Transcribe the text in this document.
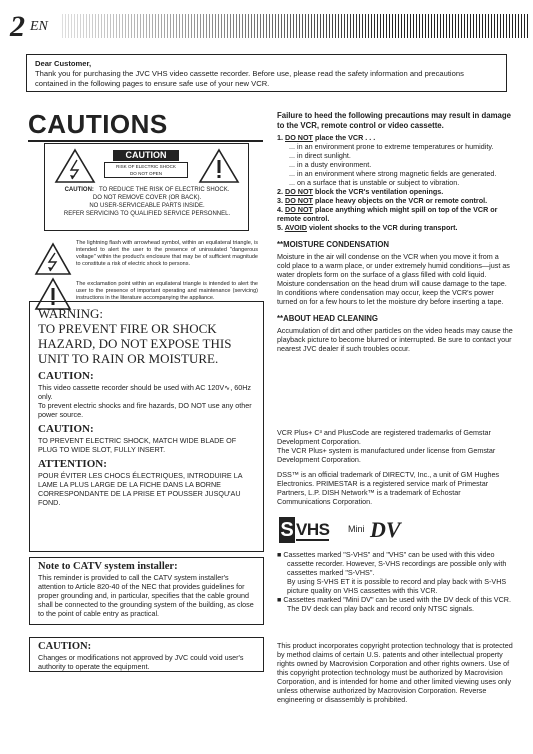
2 EN
Dear Customer,
Thank you for purchasing the JVC VHS video cassette recorder. Before use, please read the safety information and precautions contained in the following pages to ensure safe use of your new VCR.
CAUTIONS
CAUTION
RISK OF ELECTRIC SHOCK
DO NOT OPEN
CAUTION: TO REDUCE THE RISK OF ELECTRIC SHOCK.
DO NOT REMOVE COVER (OR BACK).
NO USER-SERVICEABLE PARTS INSIDE.
REFER SERVICING TO QUALIFIED SERVICE PERSONNEL.
The lightning flash with arrowhead symbol, within an equilateral triangle, is intended to alert the user to the presence of uninsulated "dangerous voltage" within the product's enclosure that may be of sufficient magnitude to constitute a risk of electric shock to persons.
The exclamation point within an equilateral triangle is intended to alert the user to the presence of important operating and maintenance (servicing) instructions in the literature accompanying the appliance.
WARNING:
TO PREVENT FIRE OR SHOCK HAZARD, DO NOT EXPOSE THIS UNIT TO RAIN OR MOISTURE.
CAUTION:
This video cassette recorder should be used with AC 120V∿, 60Hz only.
To prevent electric shocks and fire hazards, DO NOT use any other power source.
CAUTION:
TO PREVENT ELECTRIC SHOCK, MATCH WIDE BLADE OF PLUG TO WIDE SLOT, FULLY INSERT.
ATTENTION:
POUR ÉVITER LES CHOCS ÉLECTRIQUES, INTRODUIRE LA LAME LA PLUS LARGE DE LA FICHE DANS LA BORNE CORRESPONDANTE DE LA PRISE ET POUSSER JUSQU'AU FOND.
Note to CATV system installer:
This reminder is provided to call the CATV system installer's attention to Article 820-40 of the NEC that provides guidelines for proper grounding and, in particular, specifies that the cable ground shall be connected to the grounding system of the building, as close to the point of cable entry as practical.
CAUTION:
Changes or modifications not approved by JVC could void user's authority to operate the equipment.
Failure to heed the following precautions may result in damage to the VCR, remote control or video cassette.
1. DO NOT place the VCR . . .
... in an environment prone to extreme temperatures or humidity.
... in direct sunlight.
... in a dusty environment.
... in an environment where strong magnetic fields are generated.
... on a surface that is unstable or subject to vibration.
2. DO NOT block the VCR's ventilation openings.
3. DO NOT place heavy objects on the VCR or remote control.
4. DO NOT place anything which might spill on top of the VCR or remote control.
5. AVOID violent shocks to the VCR during transport.
**MOISTURE CONDENSATION
Moisture in the air will condense on the VCR when you move it from a cold place to a warm place, or under extremely humid conditions—just as water droplets form on the surface of a glass filled with cold liquid. Moisture condensation on the head drum will cause damage to the tape. In conditions where condensation may occur, keep the VCR's power turned on for a few hours to let the moisture dry before inserting a tape.
**ABOUT HEAD CLEANING
Accumulation of dirt and other particles on the video heads may cause the playback picture to become blurred or interrupted. Be sure to contact your nearest JVC dealer if such troubles occur.
VCR Plus+ C³ and PlusCode are registered trademarks of Gemstar Development Corporation.
The VCR Plus+ system is manufactured under license from Gemstar Development Corporation.
DSS™ is an official trademark of DIRECTV, Inc., a unit of GM Hughes Electronics. PRIMESTAR is a registered service mark of Primestar Partners, L.P. DISH Network™ is a trademark of Echostar Communications Corporation.
S VHS Mini DV
■ Cassettes marked "S-VHS" and "VHS" can be used with this video cassette recorder. However, S-VHS recordings are possible only with cassettes marked "S-VHS".
By using S-VHS ET it is possible to record and play back with S-VHS picture quality on VHS cassettes with this VCR.
■ Cassettes marked "Mini DV" can be used with the DV deck of this VCR. The DV deck can play back and record only NTSC signals.
This product incorporates copyright protection technology that is protected by method claims of certain U.S. patents and other intellectual property rights owned by Macrovision Corporation and other rights owners. Use of this copyright protection technology must be authorized by Macrovision Corporation, and is intended for home and other limited viewing uses only unless otherwise authorized by Macrovision Corporation. Reverse engineering or disassembly is prohibited.
